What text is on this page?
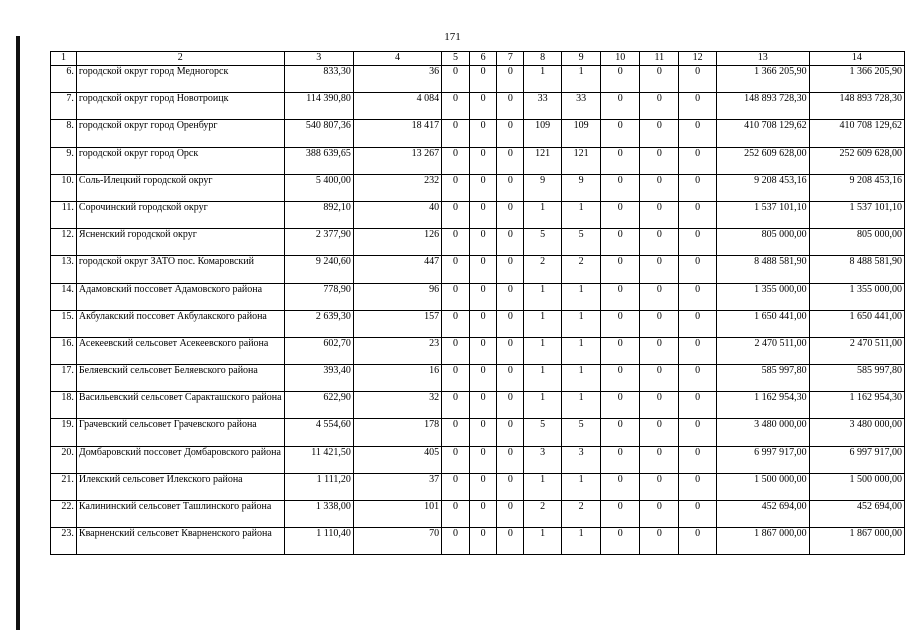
171
1	2	3	4	5	6	7	8	9	10	11	12	13	14
6.	городской округ город Медногорск	833,30	36	0	0	0	1	1	0	0	0	1 366 205,90	1 366 205,90
7.	городской округ город Новотроицк	114 390,80	4 084	0	0	0	33	33	0	0	0	148 893 728,30	148 893 728,30
8.	городской округ город Оренбург	540 807,36	18 417	0	0	0	109	109	0	0	0	410 708 129,62	410 708 129,62
9.	городской округ город Орск	388 639,65	13 267	0	0	0	121	121	0	0	0	252 609 628,00	252 609 628,00
10.	Соль-Илецкий городской округ	5 400,00	232	0	0	0	9	9	0	0	0	9 208 453,16	9 208 453,16
11.	Сорочинский городской округ	892,10	40	0	0	0	1	1	0	0	0	1 537 101,10	1 537 101,10
12.	Ясненский городской округ	2 377,90	126	0	0	0	5	5	0	0	0	805 000,00	805 000,00
13.	городской округ ЗАТО пос. Комаровский	9 240,60	447	0	0	0	2	2	0	0	0	8 488 581,90	8 488 581,90
14.	Адамовский поссовет Адамовского района	778,90	96	0	0	0	1	1	0	0	0	1 355 000,00	1 355 000,00
15.	Акбулакский поссовет Акбулакского района	2 639,30	157	0	0	0	1	1	0	0	0	1 650 441,00	1 650 441,00
16.	Асекеевский сельсовет Асекеевского района	602,70	23	0	0	0	1	1	0	0	0	2 470 511,00	2 470 511,00
17.	Беляевский сельсовет Беляевского района	393,40	16	0	0	0	1	1	0	0	0	585 997,80	585 997,80
18.	Васильевский сельсовет Саракташского района	622,90	32	0	0	0	1	1	0	0	0	1 162 954,30	1 162 954,30
19.	Грачевский сельсовет Грачевского района	4 554,60	178	0	0	0	5	5	0	0	0	3 480 000,00	3 480 000,00
20.	Домбаровский поссовет Домбаровского района	11 421,50	405	0	0	0	3	3	0	0	0	6 997 917,00	6 997 917,00
21.	Илекский сельсовет Илекского района	1 111,20	37	0	0	0	1	1	0	0	0	1 500 000,00	1 500 000,00
22.	Калининский сельсовет Ташлинского района	1 338,00	101	0	0	0	2	2	0	0	0	452 694,00	452 694,00
23.	Кварненский сельсовет Кварненского района	1 110,40	70	0	0	0	1	1	0	0	0	1 867 000,00	1 867 000,00
